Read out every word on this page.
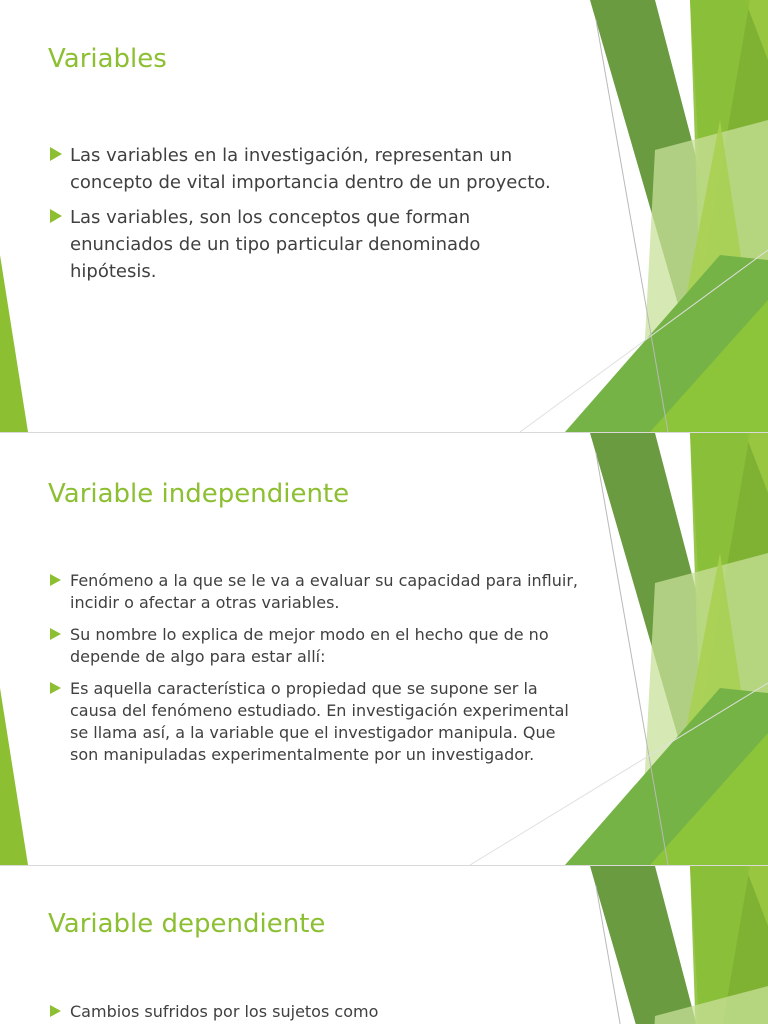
Variables
Las variables en la investigación, representan un concepto de vital importancia dentro de un proyecto.
Las variables, son los conceptos que forman enunciados de un tipo particular denominado hipótesis.
Variable independiente
Fenómeno a la que se le va a evaluar su capacidad para influir, incidir o afectar a otras variables.
Su nombre lo explica de mejor modo en el hecho que de no depende de algo para estar allí:
Es aquella característica o propiedad que se supone ser la causa del fenómeno estudiado. En investigación experimental se llama así, a la variable que el investigador manipula. Que son manipuladas experimentalmente por un investigador.
Variable dependiente
Cambios sufridos por los sujetos como
